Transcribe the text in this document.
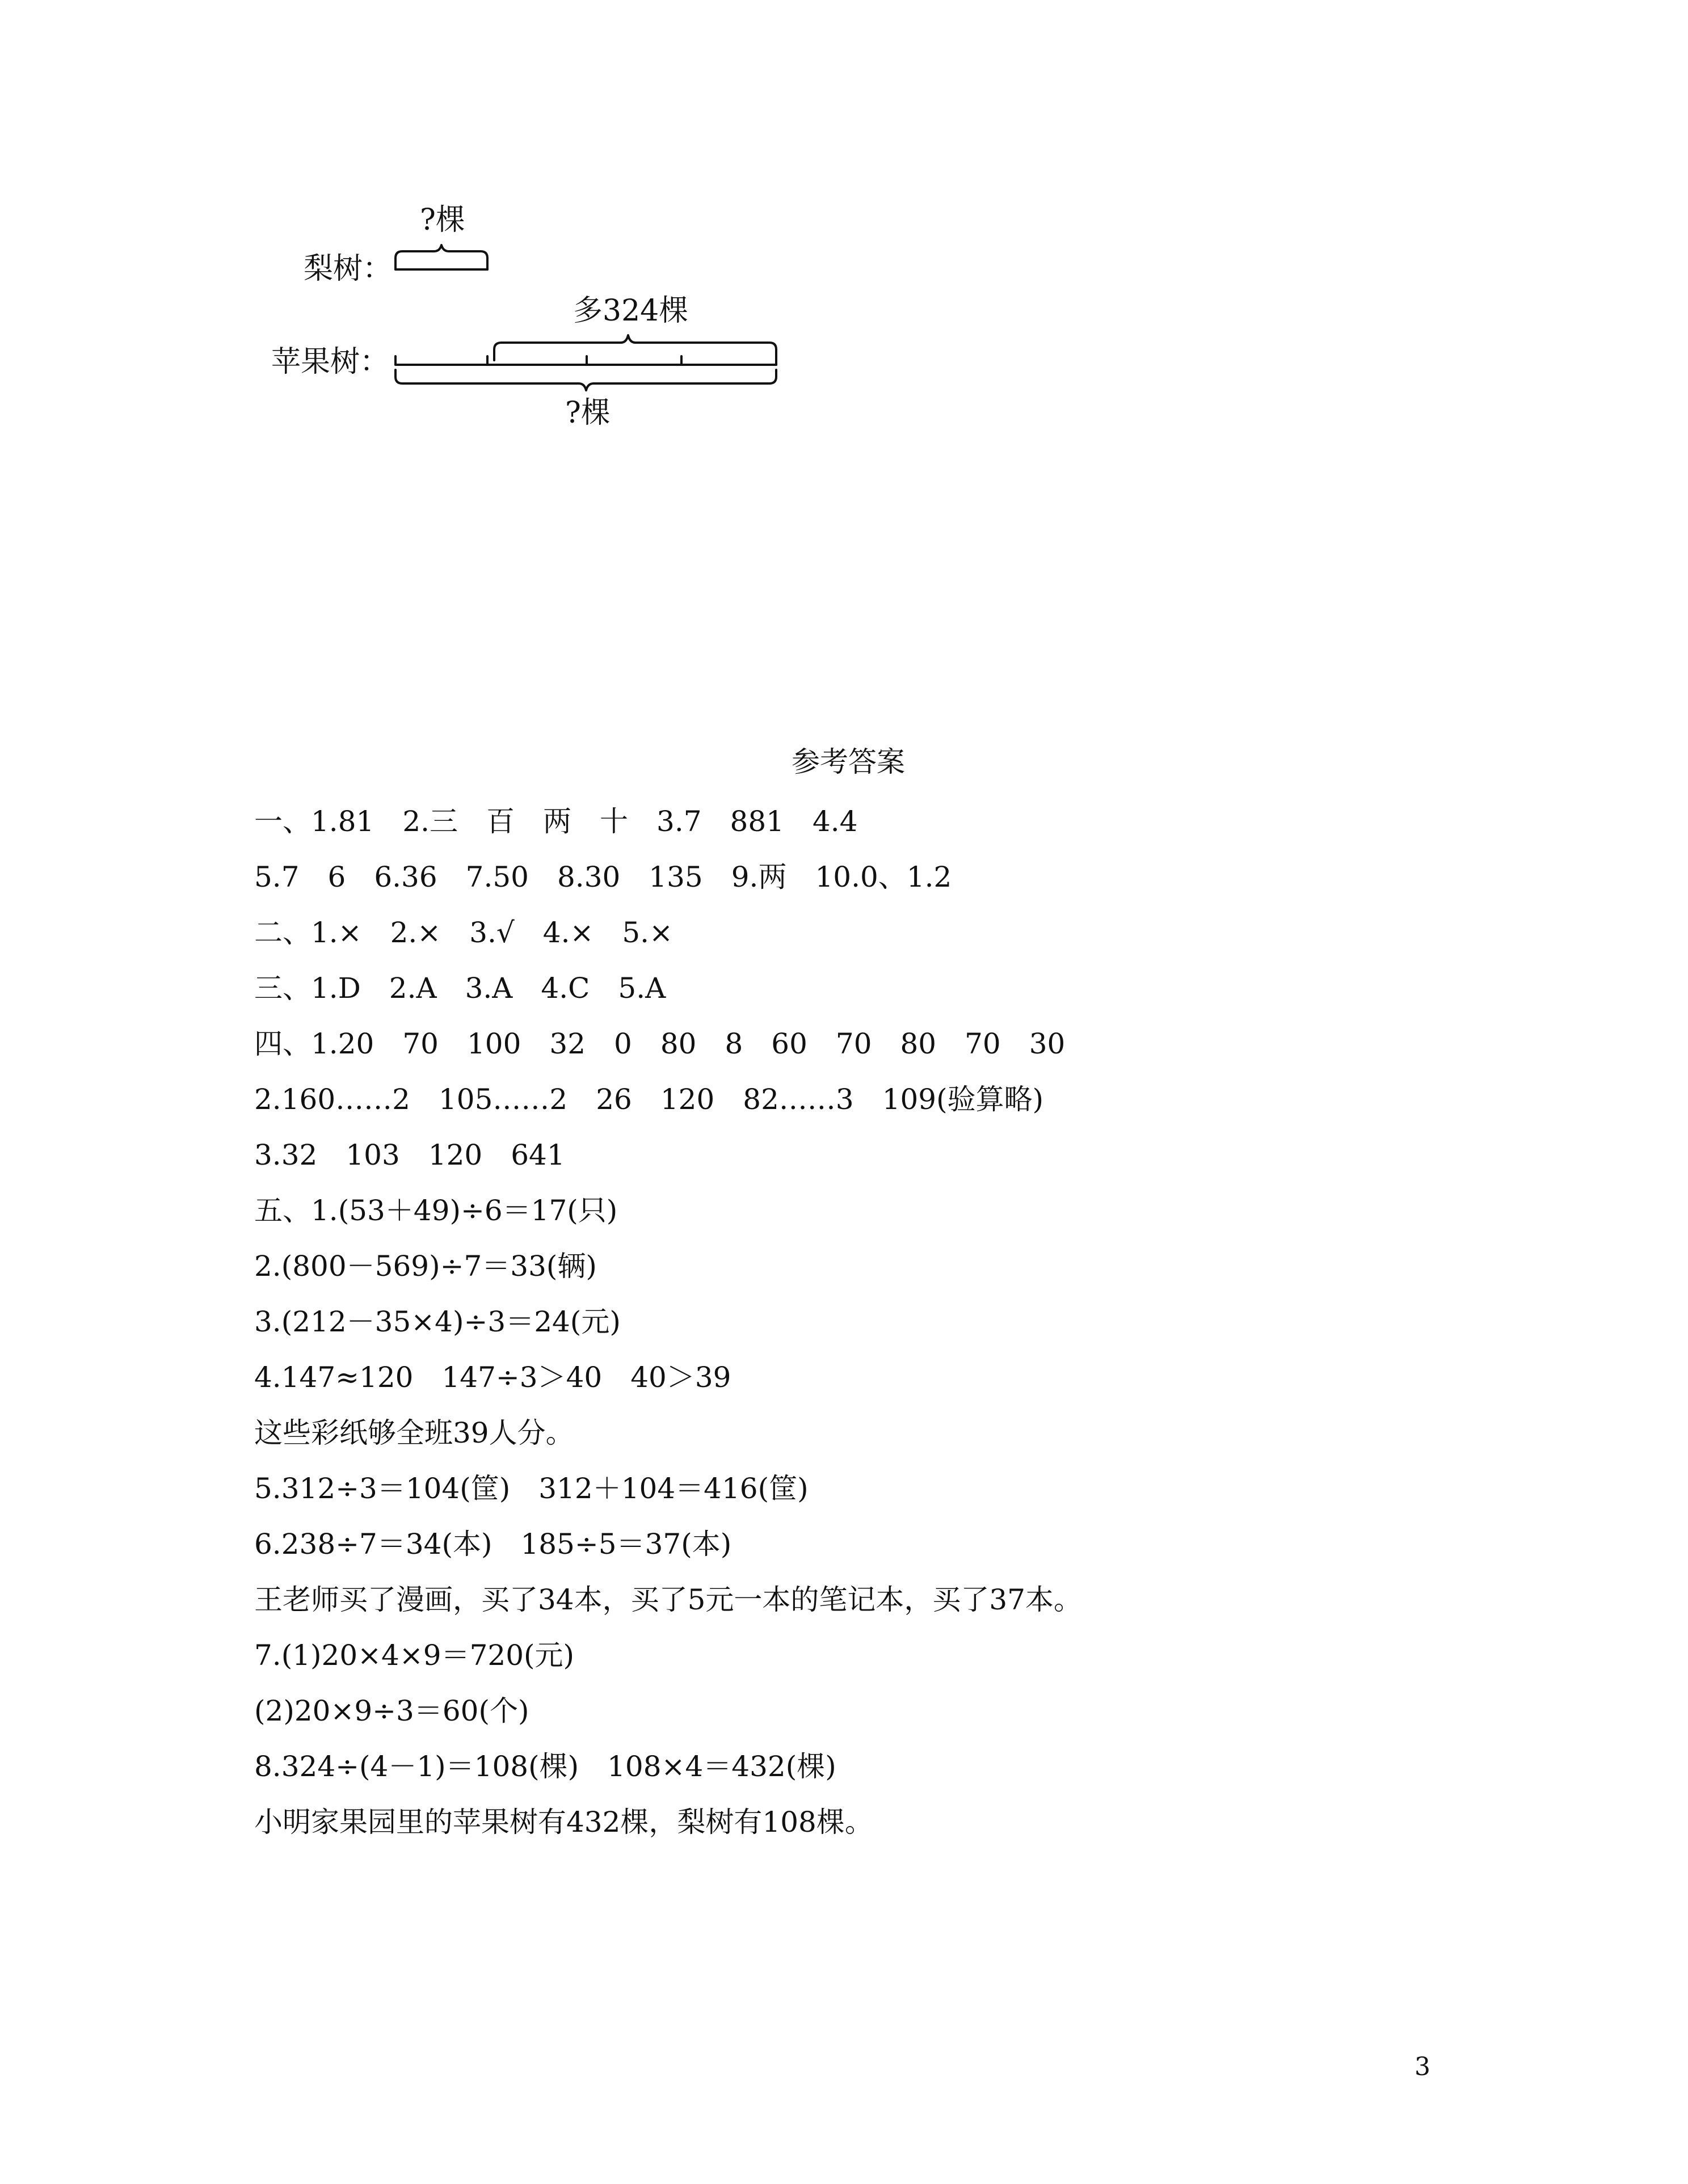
?棵
梨树：
多324棵
苹果树：
?棵
参考答案
一、1.81　2.三　百　两　十　3.7　881　4.4
5.7　6　6.36　7.50　8.30　135　9.两　10.0、1.2
二、1.×　2.×　3.√　4.×　5.×
三、1.D　2.A　3.A　4.C　5.A
四、1.20　70　100　32　0　80　8　60　70　80　70　30
2.160……2　105……2　26　120　82……3　109(验算略)
3.32　103　120　641
五、1.(53＋49)÷6＝17(只)
2.(800－569)÷7＝33(辆)
3.(212－35×4)÷3＝24(元)
4.147≈120　147÷3＞40　40＞39
这些彩纸够全班39人分。
5.312÷3＝104(筐)　312＋104＝416(筐)
6.238÷7＝34(本)　185÷5＝37(本)
王老师买了漫画，买了34本，买了5元一本的笔记本，买了37本。
7.(1)20×4×9＝720(元)
(2)20×9÷3＝60(个)
8.324÷(4－1)＝108(棵)　108×4＝432(棵)
小明家果园里的苹果树有432棵，梨树有108棵。
3
